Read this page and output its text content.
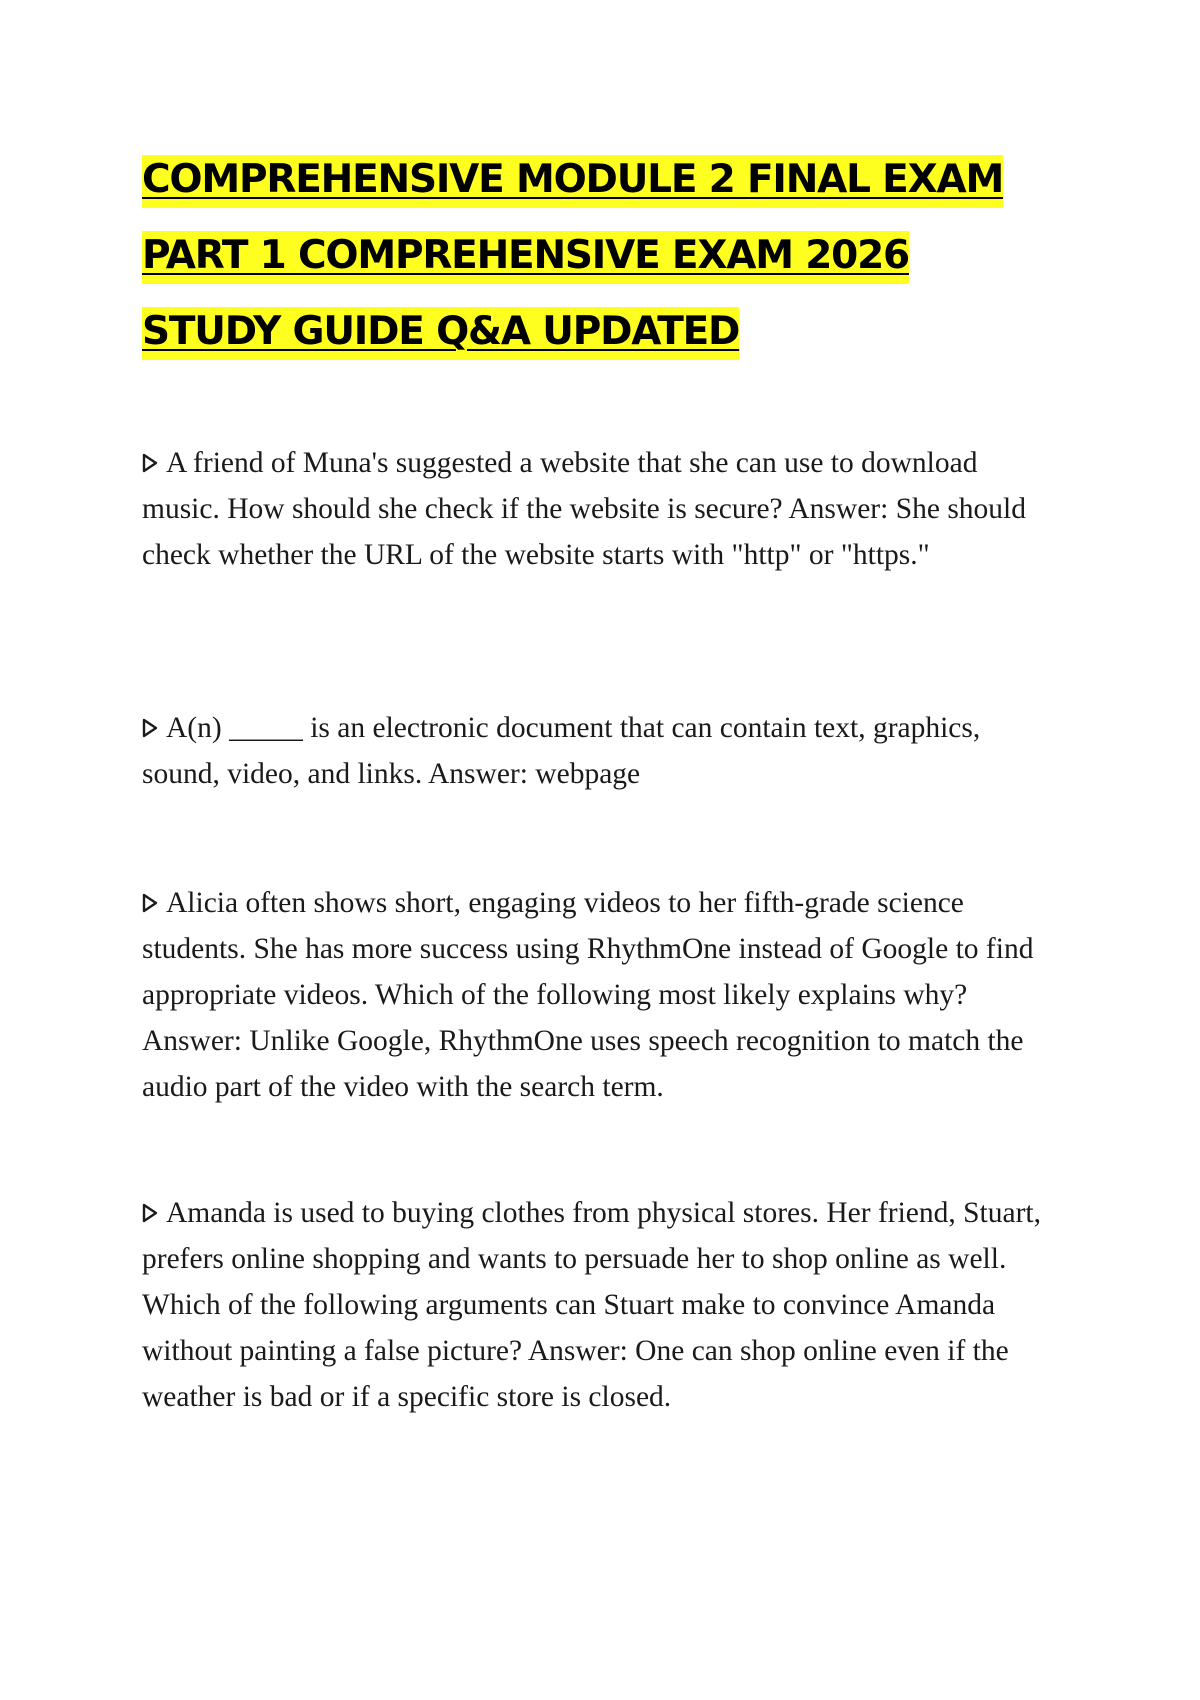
COMPREHENSIVE MODULE 2 FINAL EXAM
PART 1 COMPREHENSIVE EXAM 2026
STUDY GUIDE Q&A UPDATED

A friend of Muna's suggested a website that she can use to download music. How should she check if the website is secure? Answer: She should check whether the URL of the website starts with "http" or "https."

A(n) _____ is an electronic document that can contain text, graphics, sound, video, and links. Answer: webpage

Alicia often shows short, engaging videos to her fifth-grade science students. She has more success using RhythmOne instead of Google to find appropriate videos. Which of the following most likely explains why? Answer: Unlike Google, RhythmOne uses speech recognition to match the audio part of the video with the search term.

Amanda is used to buying clothes from physical stores. Her friend, Stuart, prefers online shopping and wants to persuade her to shop online as well. Which of the following arguments can Stuart make to convince Amanda without painting a false picture? Answer: One can shop online even if the weather is bad or if a specific store is closed.
